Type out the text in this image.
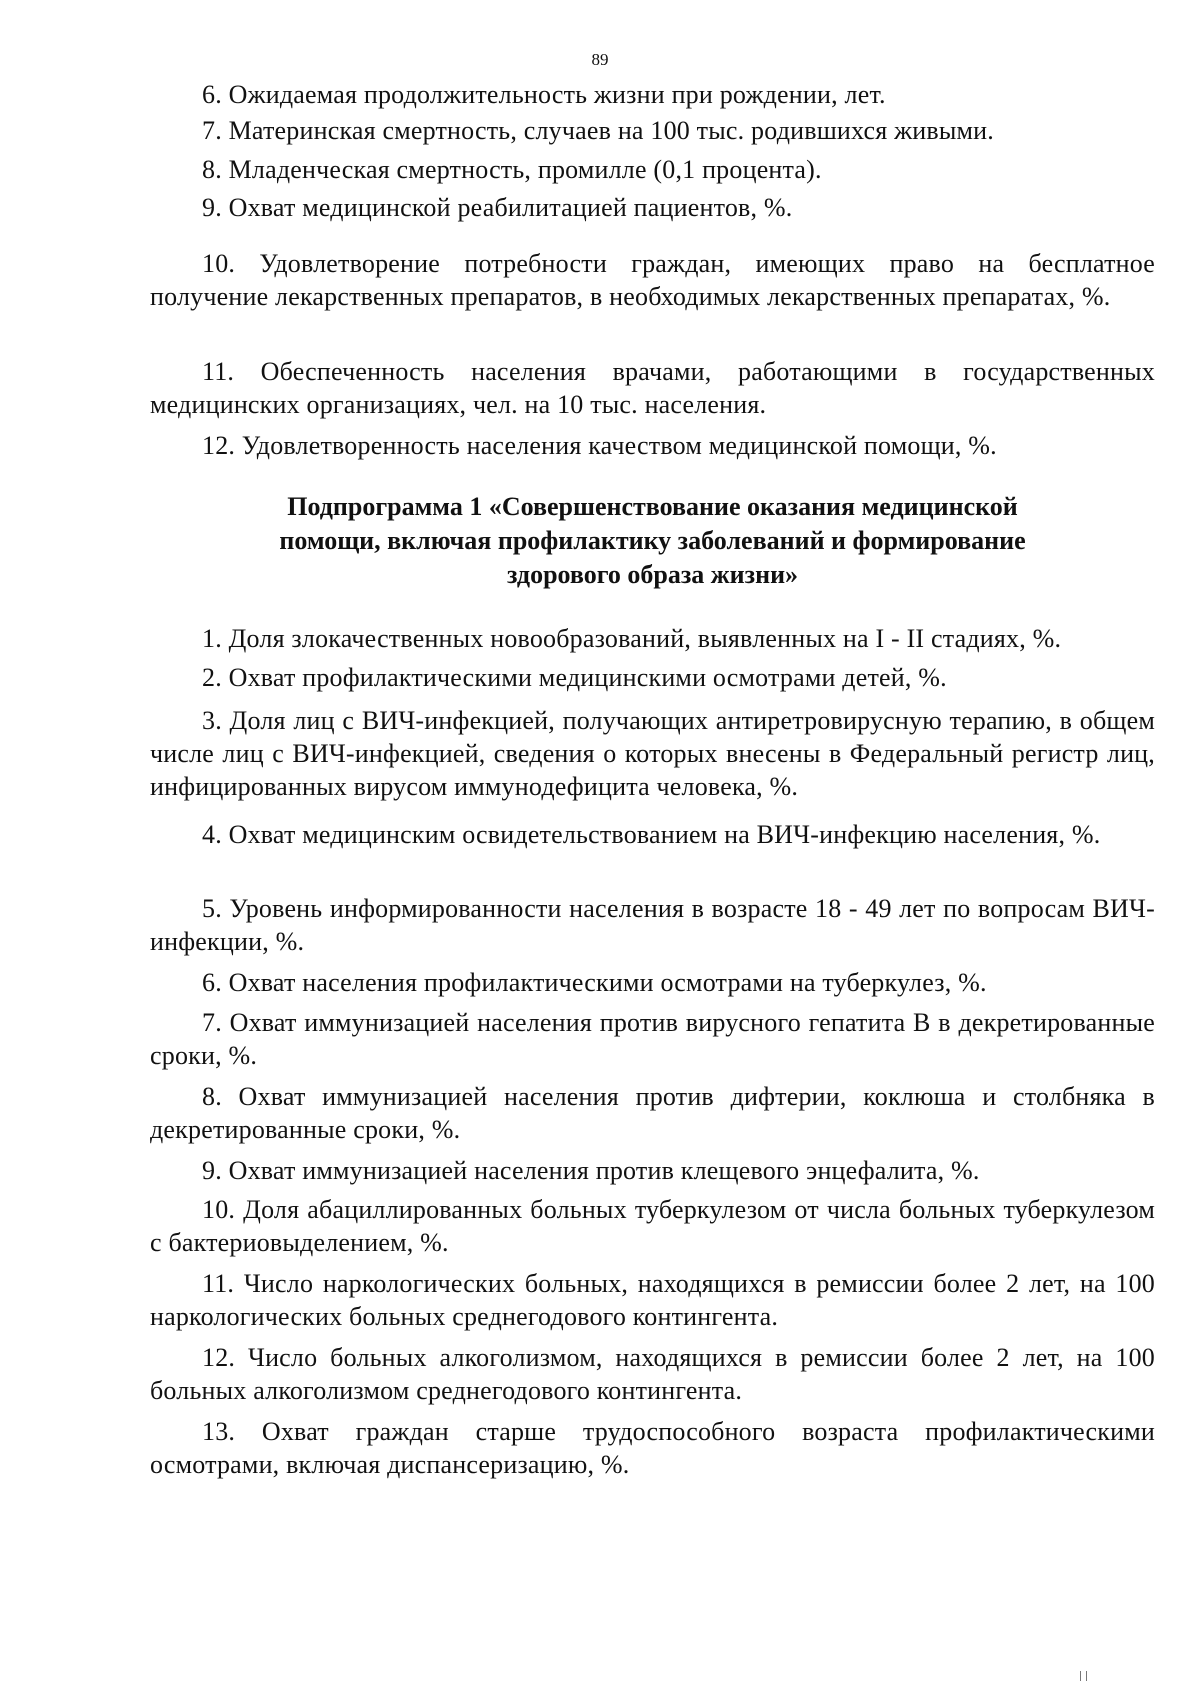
89
6. Ожидаемая продолжительность жизни при рождении, лет.
7. Материнская смертность, случаев на 100 тыс. родившихся живыми.
8. Младенческая смертность, промилле (0,1 процента).
9. Охват медицинской реабилитацией пациентов, %.
10. Удовлетворение потребности граждан, имеющих право на бесплатное получение лекарственных препаратов, в необходимых лекарственных препаратах, %.
11. Обеспеченность населения врачами, работающими в государственных медицинских организациях, чел. на 10 тыс. населения.
12. Удовлетворенность населения качеством медицинской помощи, %.
Подпрограмма 1 «Совершенствование оказания медицинской
помощи, включая профилактику заболеваний и формирование
здорового образа жизни»
1. Доля злокачественных новообразований, выявленных на I - II стадиях, %.
2. Охват профилактическими медицинскими осмотрами детей, %.
3. Доля лиц с ВИЧ-инфекцией, получающих антиретровирусную терапию, в общем числе лиц с ВИЧ-инфекцией, сведения о которых внесены в Федеральный регистр лиц, инфицированных вирусом иммунодефицита человека, %.
4. Охват медицинским освидетельствованием на ВИЧ-инфекцию населения, %.
5. Уровень информированности населения в возрасте 18 - 49 лет по вопросам ВИЧ-инфекции, %.
6. Охват населения профилактическими осмотрами на туберкулез, %.
7. Охват иммунизацией населения против вирусного гепатита В в декретированные сроки, %.
8. Охват иммунизацией населения против дифтерии, коклюша и столбняка в декретированные сроки, %.
9. Охват иммунизацией населения против клещевого энцефалита, %.
10. Доля абациллированных больных туберкулезом от числа больных туберкулезом с бактериовыделением, %.
11. Число наркологических больных, находящихся в ремиссии более 2 лет, на 100 наркологических больных среднегодового контингента.
12. Число больных алкоголизмом, находящихся в ремиссии более 2 лет, на 100 больных алкоголизмом среднегодового контингента.
13. Охват граждан старше трудоспособного возраста профилактическими осмотрами, включая диспансеризацию, %.
